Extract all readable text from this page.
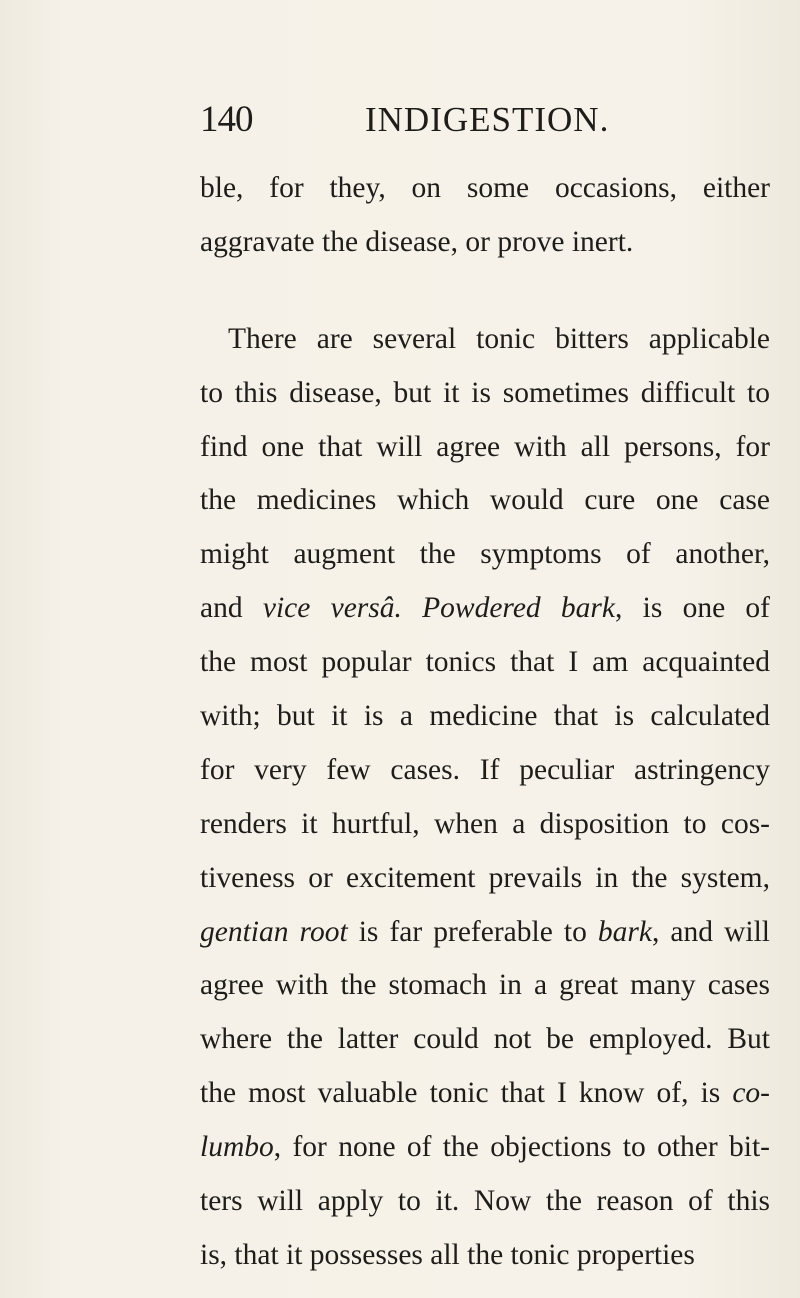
140	INDIGESTION.
ble, for they, on some occasions, either
aggravate the disease, or prove inert.
There are several tonic bitters applicable
to this disease, but it is sometimes difficult to
find one that will agree with all persons, for
the medicines which would cure one case
might augment the symptoms of another,
and vice versâ. Powdered bark, is one of
the most popular tonics that I am acquainted
with; but it is a medicine that is calculated
for very few cases. If peculiar astringency
renders it hurtful, when a disposition to cos-
tiveness or excitement prevails in the system,
gentian root is far preferable to bark, and will
agree with the stomach in a great many cases
where the latter could not be employed. But
the most valuable tonic that I know of, is co-
lumbo, for none of the objections to other bit-
ters will apply to it. Now the reason of this
is, that it possesses all the tonic properties
